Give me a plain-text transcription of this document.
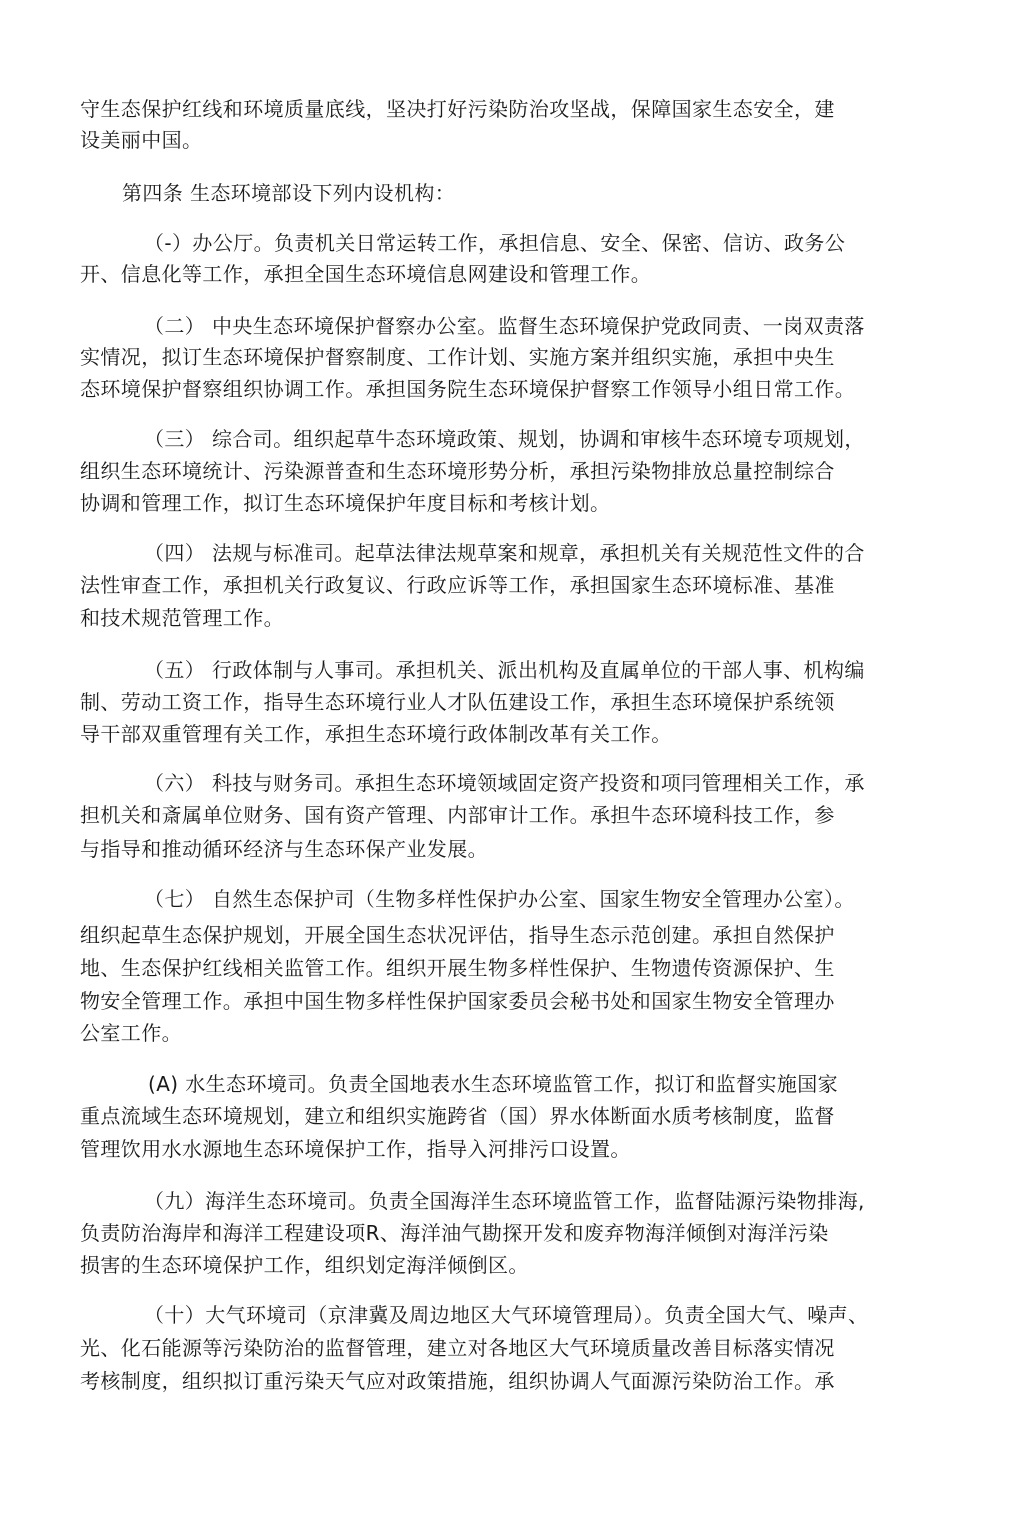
守生态保护红线和环境质量底线，坚决打好污染防治攻坚战，保障国家生态安全，建
设美丽中国。
第四条 生态环境部设下列内设机构：
（-）办公厅。负责机关日常运转工作，承担信息、安全、保密、信访、政务公
开、信息化等工作，承担全国生态环境信息网建设和管理工作。
（二） 中央生态环境保护督察办公室。监督生态环境保护党政同责、一岗双责落
实情况，拟订生态环境保护督察制度、工作计划、实施方案并组织实施，承担中央生
态环境保护督察组织协调工作。承担国务院生态环境保护督察工作领导小组日常工作。
（三） 综合司。组织起草牛态环境政策、规划，协调和审核牛态环境专项规划，
组织生态环境统计、污染源普查和生态环境形势分析，承担污染物排放总量控制综合
协调和管理工作，拟订生态环境保护年度目标和考核计划。
（四） 法规与标准司。起草法律法规草案和规章，承担机关有关规范性文件的合
法性审查工作，承担机关行政复议、行政应诉等工作，承担国家生态环境标准、基准
和技术规范管理工作。
（五） 行政体制与人事司。承担机关、派出机构及直属单位的干部人事、机构编
制、劳动工资工作，指导生态环境行业人才队伍建设工作，承担生态环境保护系统领
导干部双重管理有关工作，承担生态环境行政体制改革有关工作。
（六） 科技与财务司。承担生态环境领域固定资产投资和项冃管理相关工作，承
担机关和斎属单位财务、国有资产管理、内部审计工作。承担牛态环境科技工作，参
与指导和推动循环经济与生态环保产业发展。
（七） 自然生态保护司（生物多样性保护办公室、国家生物安全管理办公室）。
组织起草生态保护规划，开展全国生态状况评估，指导生态示范创建。承担自然保护
地、生态保护红线相关监管工作。组织开展生物多样性保护、生物遗传资源保护、生
物安全管理工作。承担中国生物多样性保护国家委员会秘书处和国家生物安全管理办
公室工作。
(A) 水生态环境司。负责全国地表水生态环境监管工作，拟订和监督实施国家
重点流域生态环境规划，建立和组织实施跨省（国）界水体断面水质考核制度，监督
管理饮用水水源地生态环境保护工作，指导入河排污口设置。
（九）海洋生态环境司。负责全国海洋生态环境监管工作，监督陆源污染物排海,
负责防治海岸和海洋工程建设项R、海洋油气勘探开发和废弃物海洋倾倒对海洋污染
损害的生态环境保护工作，组织划定海洋倾倒区。
（十）大气环境司（京津冀及周边地区大气环境管理局）。负责全国大气、噪声、
光、化石能源等污染防治的监督管理，建立对各地区大气环境质量改善目标落实情况
考核制度，组织拟订重污染天气应对政策措施，组织协调人气面源污染防治工作。承
